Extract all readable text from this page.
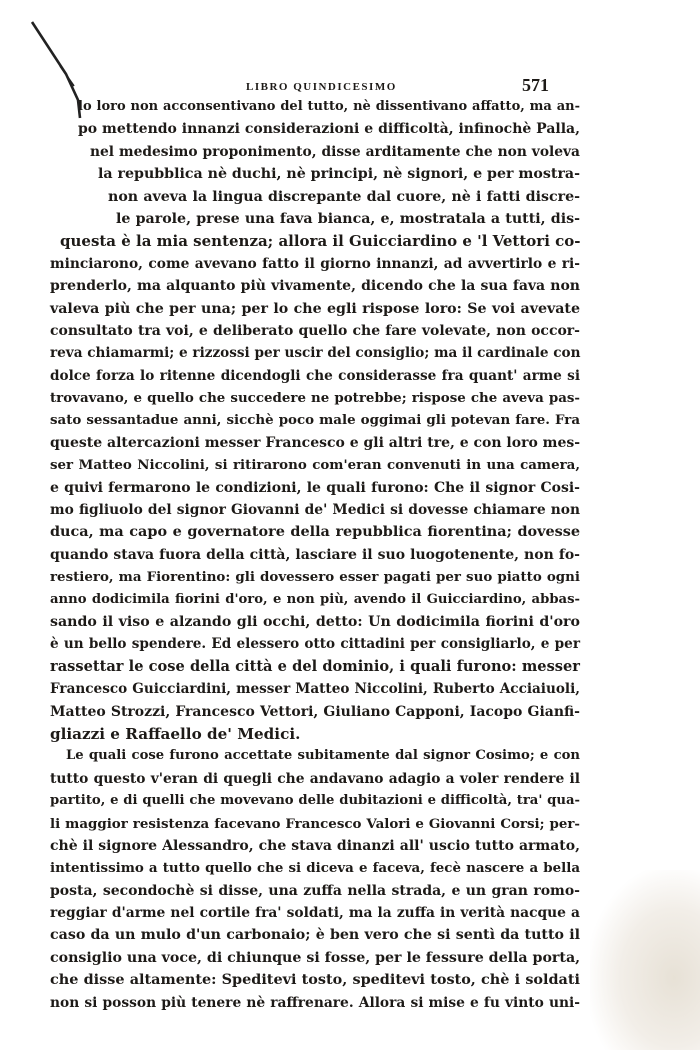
LIBRO QUINDICESIMO	571
lo loro non acconsentivano del tutto, nè dissentivano affatto, ma an-
po mettendo innanzi considerazioni e difficoltà, infinochè Palla,
nel medesimo proponimento, disse arditamente che non voleva
la repubblica nè duchi, nè principi, nè signori, e per mostra-
non aveva la lingua discrepante dal cuore, nè i fatti discre-
le parole, prese una fava bianca, e, mostratala a tutti, dis-
questa è la mia sentenza; allora il Guicciardino e 'l Vettori co-
minciarono, come avevano fatto il giorno innanzi, ad avvertirlo e ri-
prenderlo, ma alquanto più vivamente, dicendo che la sua fava non
valeva più che per una; per lo che egli rispose loro: Se voi avevate
consultato tra voi, e deliberato quello che fare volevate, non occor-
reva chiamarmi; e rizzossi per uscir del consiglio; ma il cardinale con
dolce forza lo ritenne dicendogli che considerasse fra quant' arme si
trovavano, e quello che succedere ne potrebbe; rispose che aveva pas-
sato sessantadue anni, sicchè poco male oggimai gli potevan fare. Fra
queste altercazioni messer Francesco e gli altri tre, e con loro mes-
ser Matteo Niccolini, si ritirarono com'eran convenuti in una camera,
e quivi fermarono le condizioni, le quali furono: Che il signor Cosi-
mo figliuolo del signor Giovanni de' Medici si dovesse chiamare non
duca, ma capo e governatore della repubblica fiorentina; dovesse
quando stava fuora della città, lasciare il suo luogotenente, non fo-
restiero, ma Fiorentino: gli dovessero esser pagati per suo piatto ogni
anno dodicimila fiorini d'oro, e non più, avendo il Guicciardino, abbas-
sando il viso e alzando gli occhi, detto: Un dodicimila fiorini d'oro
è un bello spendere. Ed elessero otto cittadini per consigliarlo, e per
rassettar le cose della città e del dominio, i quali furono: messer
Francesco Guicciardini, messer Matteo Niccolini, Ruberto Acciaiuoli,
Matteo Strozzi, Francesco Vettori, Giuliano Capponi, Iacopo Gianfi-
gliazzi e Raffaello de' Medici.
Le quali cose furono accettate subitamente dal signor Cosimo; e con
tutto questo v'eran di quegli che andavano adagio a voler rendere il
partito, e di quelli che movevano delle dubitazioni e difficoltà, tra' qua-
li maggior resistenza facevano Francesco Valori e Giovanni Corsi; per-
chè il signore Alessandro, che stava dinanzi all' uscio tutto armato,
intentissimo a tutto quello che si diceva e faceva, fecè nascere a bella
posta, secondochè si disse, una zuffa nella strada, e un gran romo-
reggiar d'arme nel cortile fra' soldati, ma la zuffa in verità nacque a
caso da un mulo d'un carbonaio; è ben vero che si sentì da tutto il
consiglio una voce, di chiunque si fosse, per le fessure della porta,
che disse altamente: Speditevi tosto, speditevi tosto, chè i soldati
non si posson più tenere nè raffrenare. Allora si mise e fu vinto uni-
